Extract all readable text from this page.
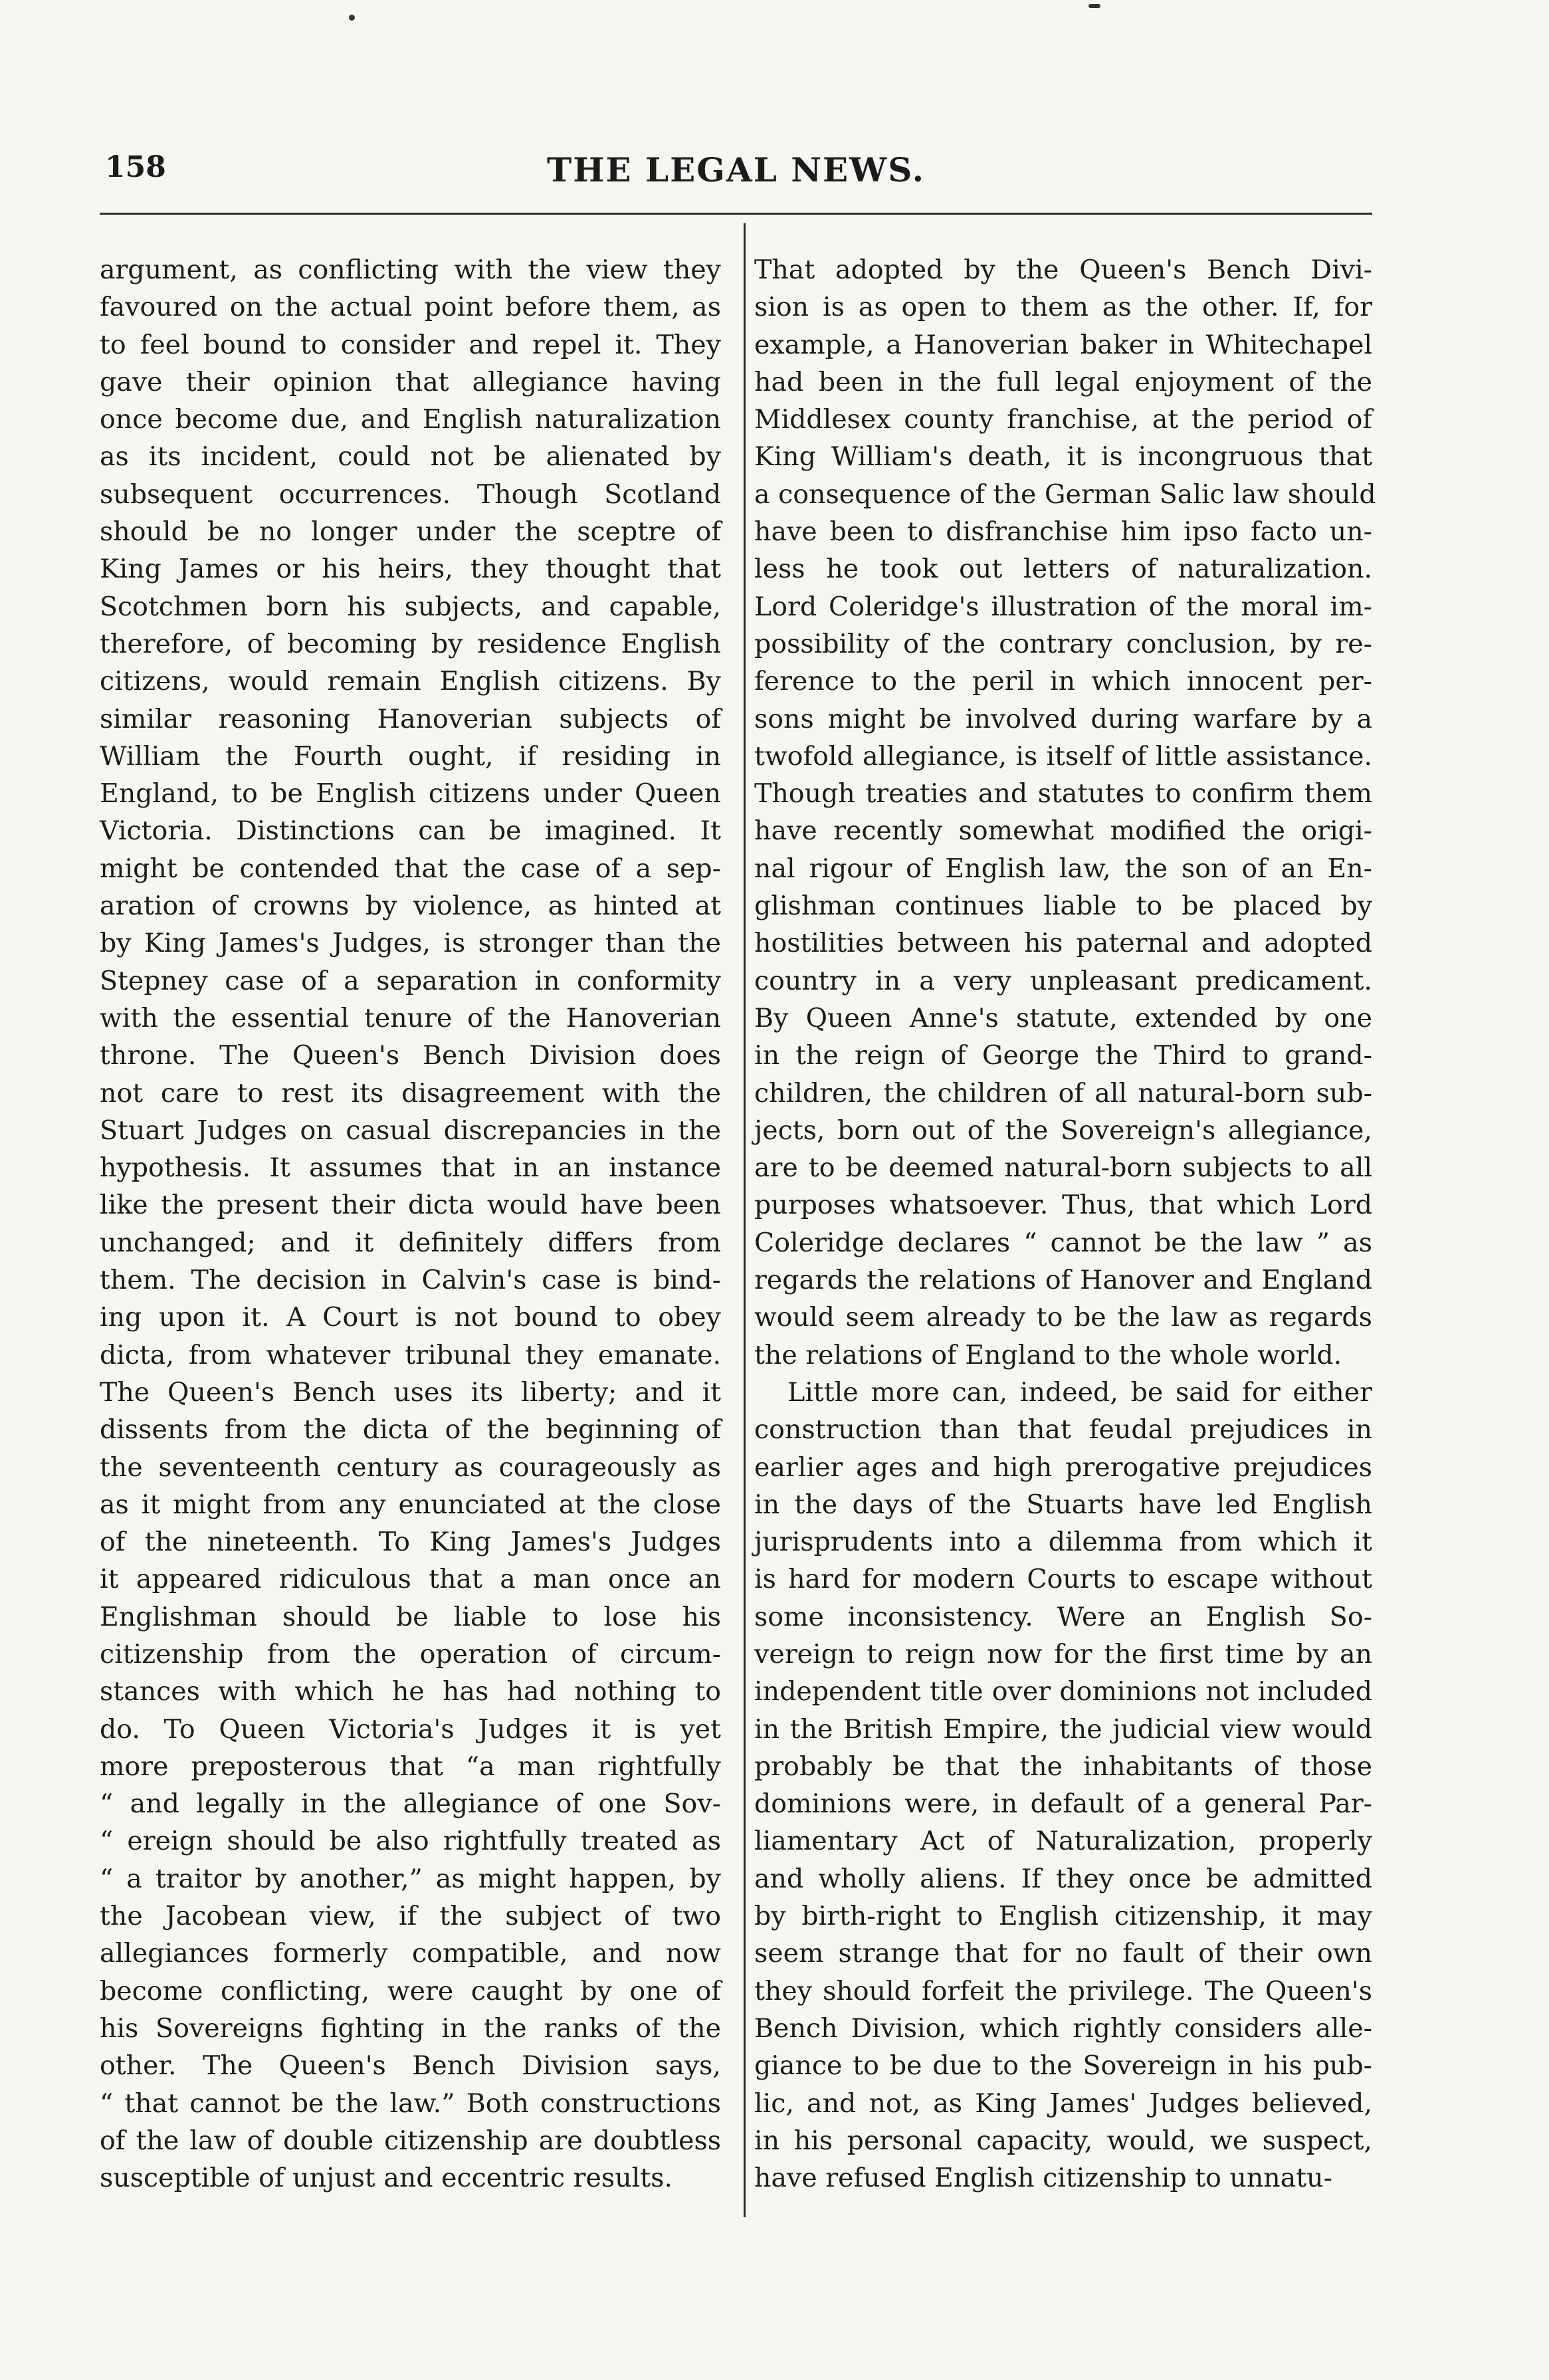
158	THE LEGAL NEWS.

argument, as conflicting with the view they
favoured on the actual point before them, as
to feel bound to consider and repel it. They
gave their opinion that allegiance having
once become due, and English naturalization
as its incident, could not be alienated by
subsequent occurrences. Though Scotland
should be no longer under the sceptre of
King James or his heirs, they thought that
Scotchmen born his subjects, and capable,
therefore, of becoming by residence English
citizens, would remain English citizens. By
similar reasoning Hanoverian subjects of
William the Fourth ought, if residing in
England, to be English citizens under Queen
Victoria. Distinctions can be imagined. It
might be contended that the case of a sep-
aration of crowns by violence, as hinted at
by King James's Judges, is stronger than the
Stepney case of a separation in conformity
with the essential tenure of the Hanoverian
throne. The Queen's Bench Division does
not care to rest its disagreement with the
Stuart Judges on casual discrepancies in the
hypothesis. It assumes that in an instance
like the present their dicta would have been
unchanged; and it definitely differs from
them. The decision in Calvin's case is bind-
ing upon it. A Court is not bound to obey
dicta, from whatever tribunal they emanate.
The Queen's Bench uses its liberty; and it
dissents from the dicta of the beginning of
the seventeenth century as courageously as
as it might from any enunciated at the close
of the nineteenth. To King James's Judges
it appeared ridiculous that a man once an
Englishman should be liable to lose his
citizenship from the operation of circum-
stances with which he has had nothing to
do. To Queen Victoria's Judges it is yet
more preposterous that “a man rightfully
“ and legally in the allegiance of one Sov-
“ ereign should be also rightfully treated as
“ a traitor by another,” as might happen, by
the Jacobean view, if the subject of two
allegiances formerly compatible, and now
become conflicting, were caught by one of
his Sovereigns fighting in the ranks of the
other. The Queen's Bench Division says,
“ that cannot be the law.” Both constructions
of the law of double citizenship are doubtless
susceptible of unjust and eccentric results.

That adopted by the Queen's Bench Divi-
sion is as open to them as the other. If, for
example, a Hanoverian baker in Whitechapel
had been in the full legal enjoyment of the
Middlesex county franchise, at the period of
King William's death, it is incongruous that
a consequence of the German Salic law should
have been to disfranchise him ipso facto un-
less he took out letters of naturalization.
Lord Coleridge's illustration of the moral im-
possibility of the contrary conclusion, by re-
ference to the peril in which innocent per-
sons might be involved during warfare by a
twofold allegiance, is itself of little assistance.
Though treaties and statutes to confirm them
have recently somewhat modified the origi-
nal rigour of English law, the son of an En-
glishman continues liable to be placed by
hostilities between his paternal and adopted
country in a very unpleasant predicament.
By Queen Anne's statute, extended by one
in the reign of George the Third to grand-
children, the children of all natural-born sub-
jects, born out of the Sovereign's allegiance,
are to be deemed natural-born subjects to all
purposes whatsoever. Thus, that which Lord
Coleridge declares “ cannot be the law ” as
regards the relations of Hanover and England
would seem already to be the law as regards
the relations of England to the whole world.

Little more can, indeed, be said for either
construction than that feudal prejudices in
earlier ages and high prerogative prejudices
in the days of the Stuarts have led English
jurisprudents into a dilemma from which it
is hard for modern Courts to escape without
some inconsistency. Were an English So-
vereign to reign now for the first time by an
independent title over dominions not included
in the British Empire, the judicial view would
probably be that the inhabitants of those
dominions were, in default of a general Par-
liamentary Act of Naturalization, properly
and wholly aliens. If they once be admitted
by birth-right to English citizenship, it may
seem strange that for no fault of their own
they should forfeit the privilege. The Queen's
Bench Division, which rightly considers alle-
giance to be due to the Sovereign in his pub-
lic, and not, as King James' Judges believed,
in his personal capacity, would, we suspect,
have refused English citizenship to unnatu-
